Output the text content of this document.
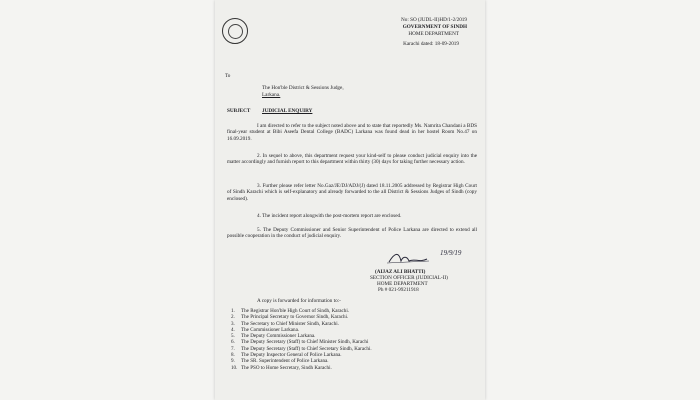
No: SO (JUDL-II)HD/1-2/2019
GOVERNMENT OF SINDH
HOME DEPARTMENT
Karachi dated: 18-09-2019
To
The Hon'ble District & Sessions Judge,
Larkana.
SUBJECT JUDICIAL ENQUIRY
I am directed to refer to the subject noted above and to state that reportedly Ms. Namrita Chandani a BDS final-year student at Bibi Aseefa Dental College (BADC) Larkana was found dead in her hostel Room No.47 on 16.09.2019.
2. In sequel to above, this department request your kind-self to please conduct judicial enquiry into the matter accordingly and furnish report to this department within thirty (30) days for taking further necessary action.
3. Further please refer letter No.Gaz/JE/DJ/ADJ/(J) dated 18.11.2005 addressed by Registrar High Court of Sindh Karachi which is self-explanatory and already forwarded to the all District & Sessions Judges of Sindh (copy enclosed).
4. The incident report alongwith the post-mortem report are enclosed.
5. The Deputy Commissioner and Senior Superintendent of Police Larkana are directed to extend all possible cooperation in the conduct of judicial enquiry.
19/9/19
(AIJAZ ALI BHATTI)
SECTION OFFICER (JUDICIAL-II)
HOME DEPARTMENT
Ph # 021-99211918
A copy is forwarded for information to:-
1.	The Registrar Hon'ble High Court of Sindh, Karachi.
2.	The Principal Secretary to Governor Sindh, Karachi.
3.	The Secretary to Chief Minister Sindh, Karachi.
4.	The Commissioner Larkana.
5.	The Deputy Commissioner Larkana.
6.	The Deputy Secretary (Staff) to Chief Minister Sindh, Karachi
7.	The Deputy Secretary (Staff) to Chief Secretary Sindh, Karachi.
8.	The Deputy Inspector General of Police Larkana.
9.	The SR. Superintendent of Police Larkana.
10. The PSO to Home Secretary, Sindh Karachi.
